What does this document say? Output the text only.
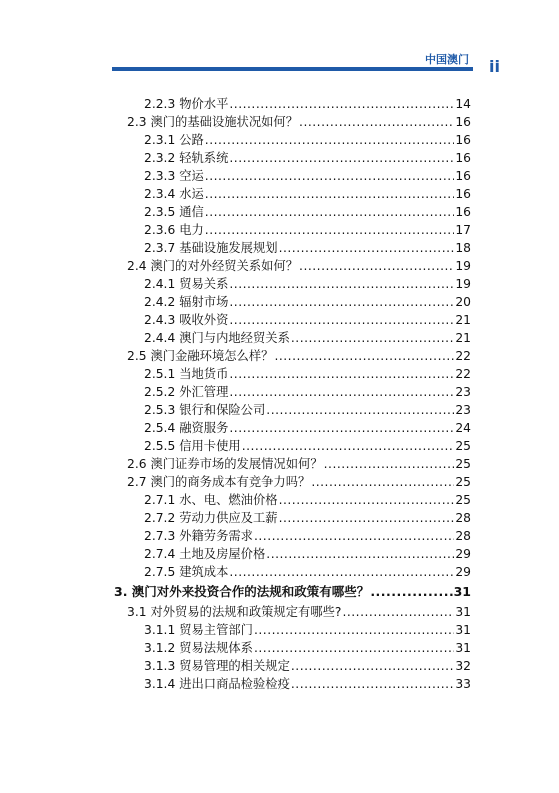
中国澳门 ii
2.2.3 物价水平 .....	14
2.3 澳门的基础设施状况如何？ .....	16
2.3.1 公路 .....	16
2.3.2 轻轨系统 .....	16
2.3.3 空运 .....	16
2.3.4 水运 .....	16
2.3.5 通信 .....	16
2.3.6 电力 .....	17
2.3.7 基础设施发展规划 .....	18
2.4 澳门的对外经贸关系如何？ .....	19
2.4.1 贸易关系 .....	19
2.4.2 辐射市场 .....	20
2.4.3 吸收外资 .....	21
2.4.4 澳门与内地经贸关系 .....	21
2.5 澳门金融环境怎么样？ .....	22
2.5.1 当地货币 .....	22
2.5.2 外汇管理 .....	23
2.5.3 银行和保险公司 .....	23
2.5.4 融资服务 .....	24
2.5.5 信用卡使用 .....	25
2.6 澳门证券市场的发展情况如何？ .....	25
2.7 澳门的商务成本有竞争力吗？ .....	25
2.7.1 水、电、燃油价格 .....	25
2.7.2 劳动力供应及工薪 .....	28
2.7.3 外籍劳务需求 .....	28
2.7.4 土地及房屋价格 .....	29
2.7.5 建筑成本 .....	29
3. 澳门对外来投资合作的法规和政策有哪些？ .....	31
3.1 对外贸易的法规和政策规定有哪些? .....	31
3.1.1 贸易主管部门 .....	31
3.1.2 贸易法规体系 .....	31
3.1.3 贸易管理的相关规定 .....	32
3.1.4 进出口商品检验检疫 .....	33
